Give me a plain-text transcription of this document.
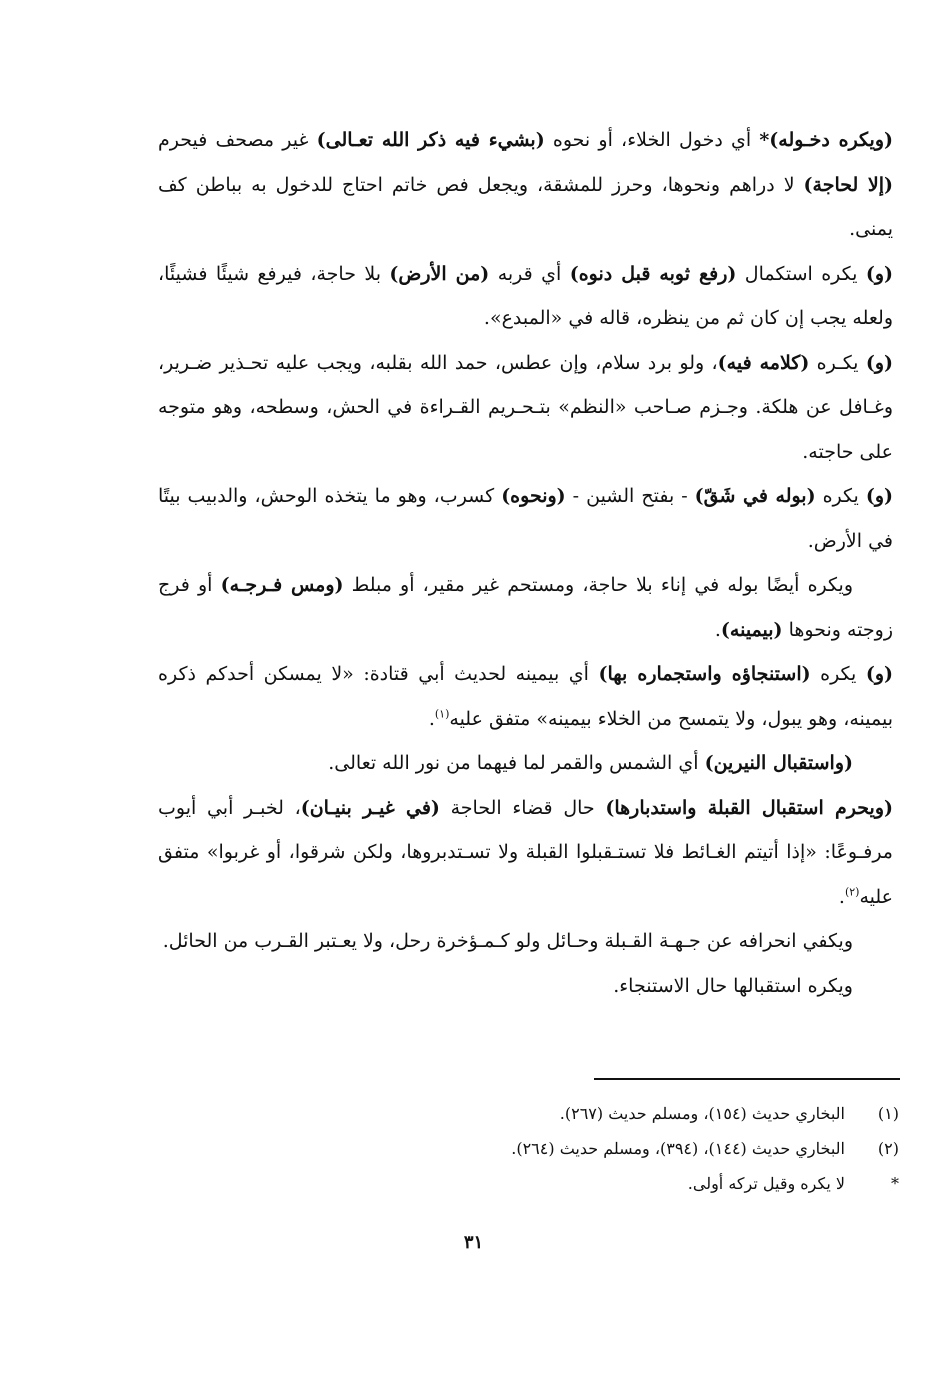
(ويكره دخـوله)* أي دخول الخلاء، أو نحوه (بشيء فيه ذكر الله تعـالى) غير مصحف فيحرم (إلا لحاجة) لا دراهم ونحوها، وحرز للمشقة، ويجعل فص خاتم احتاج للدخول به بباطن كف يمنى.

(و) يكره استكمال (رفع ثوبه قبل دنوه) أي قربه (من الأرض) بلا حاجة، فيرفع شيئًا فشيئًا، ولعله يجب إن كان ثم من ينظره، قاله في «المبدع».

(و) يكـره (كلامه فيه)، ولو برد سلام، وإن عطس، حمد الله بقلبه، ويجب عليه تحـذير ضـرير، وغـافل عن هلكة. وجـزم صـاحب «النظم» بتـحـريم القـراءة في الحش، وسطحه، وهو متوجه على حاجته.

(و) يكره (بوله في شَقّ) - بفتح الشين - (ونحوه) كسرب، وهو ما يتخذه الوحش، والدبيب بيتًا في الأرض.

ويكره أيضًا بوله في إناء بلا حاجة، ومستحم غير مقير، أو مبلط (ومس فـرجـه) أو فرج زوجته ونحوها (بيمينه).

(و) يكره (استنجاؤه واستجماره بها) أي بيمينه لحديث أبي قتادة: «لا يمسكن أحدكم ذكره بيمينه، وهو يبول، ولا يتمسح من الخلاء بيمينه» متفق عليه$^{(١)}$.

(واستقبال النيرين) أي الشمس والقمر لما فيهما من نور الله تعالى.

(ويحرم استقبال القبلة واستدبارها) حال قضاء الحاجة (في غيـر بنيـان)، لخبـر أبي أيوب مرفـوعًا: «إذا أتيتم الغـائط فلا تستـقبلوا القبلة ولا تسـتدبروها، ولكن شرقوا، أو غربوا» متفق عليه$^{(٢)}$.

ويكفي انحرافه عن جـهـة القـبلة وحـائل ولو كـمـؤخرة رحل، ولا يعـتبر القـرب من الحائل.

ويكره استقبالها حال الاستنجاء.

(١)البخاري حديث (١٥٤)، ومسلم حديث (٢٦٧).

(٢)البخاري حديث (١٤٤)، (٣٩٤)، ومسلم حديث (٢٦٤).

*لا يكره وقيل تركه أولى.

٣١
